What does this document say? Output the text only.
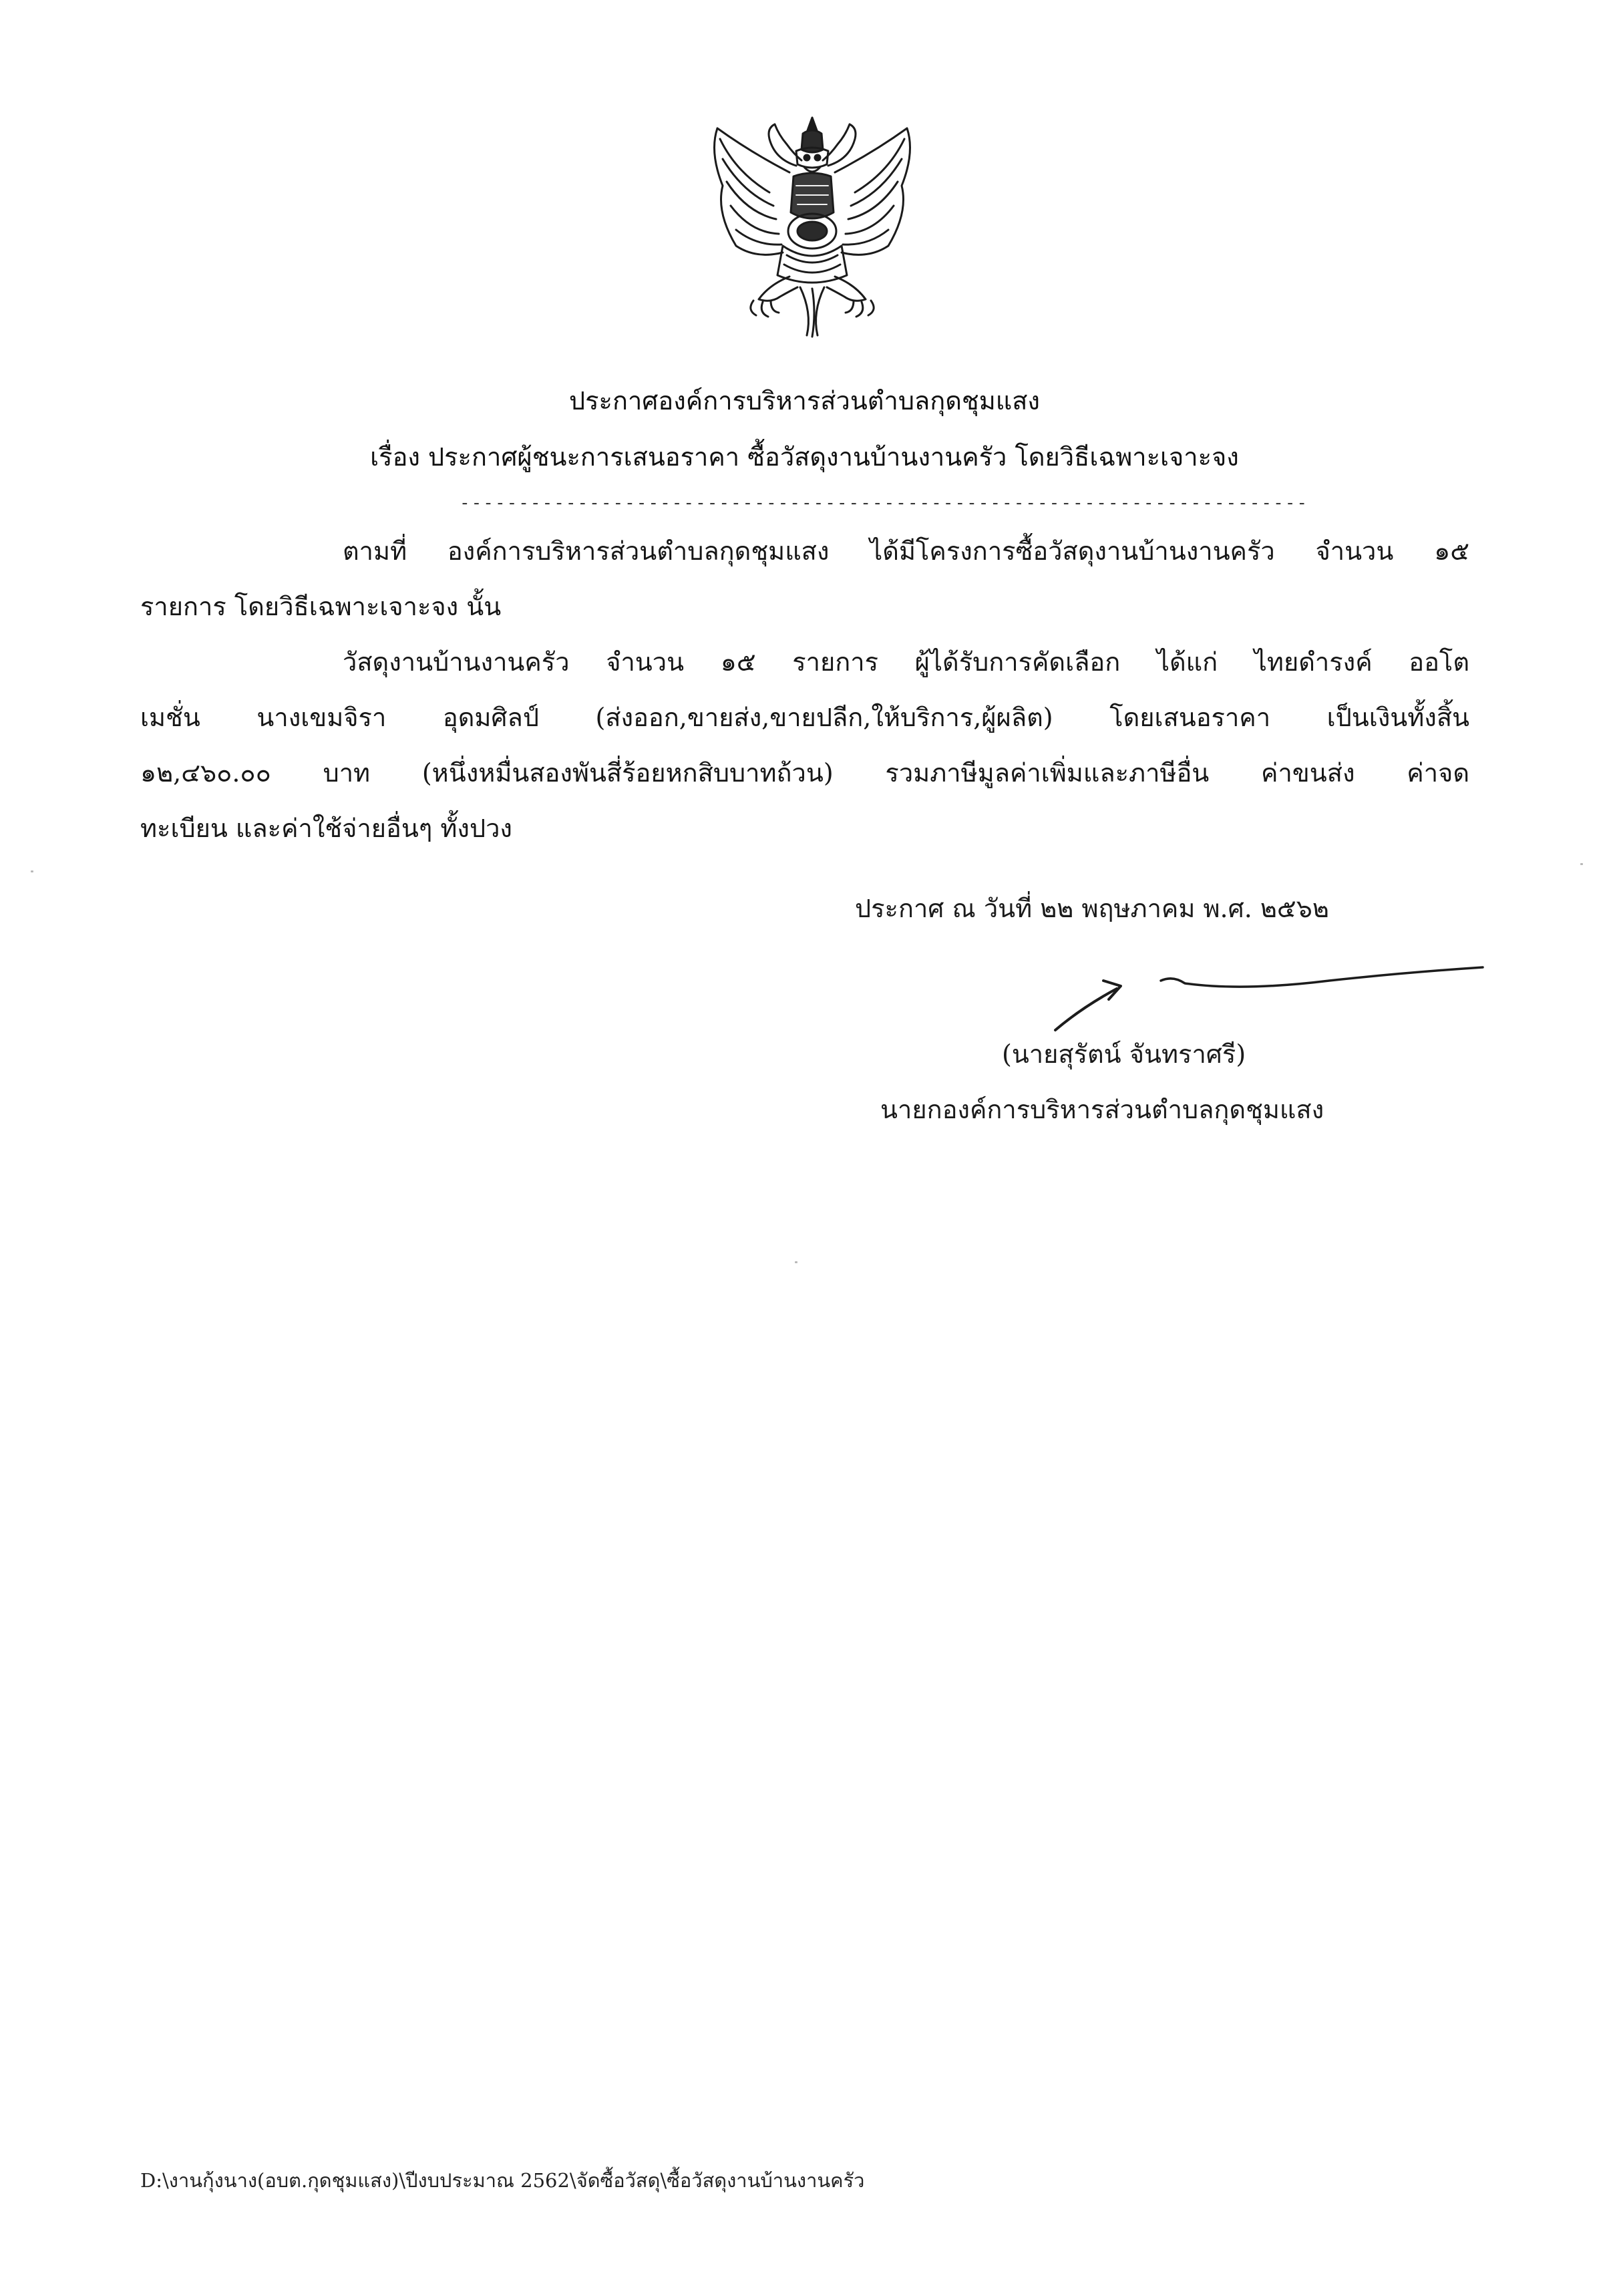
ประกาศองค์การบริหารส่วนตำบลกุดชุมแสง
เรื่อง ประกาศผู้ชนะการเสนอราคา ซื้อวัสดุงานบ้านงานครัว โดยวิธีเฉพาะเจาะจง
------------------------------------------------------------------------
ตามที่ องค์การบริหารส่วนตำบลกุดชุมแสง ได้มีโครงการซื้อวัสดุงานบ้านงานครัว จำนวน ๑๕
รายการ โดยวิธีเฉพาะเจาะจง นั้น
วัสดุงานบ้านงานครัว จำนวน ๑๕ รายการ ผู้ได้รับการคัดเลือก ได้แก่ ไทยดำรงค์ ออโต
เมชั่น นางเขมจิรา อุดมศิลป์ (ส่งออก,ขายส่ง,ขายปลีก,ให้บริการ,ผู้ผลิต) โดยเสนอราคา เป็นเงินทั้งสิ้น
๑๒,๔๖๐.๐๐ บาท (หนึ่งหมื่นสองพันสี่ร้อยหกสิบบาทถ้วน) รวมภาษีมูลค่าเพิ่มและภาษีอื่น ค่าขนส่ง ค่าจด
ทะเบียน และค่าใช้จ่ายอื่นๆ ทั้งปวง
ประกาศ ณ วันที่ ๒๒ พฤษภาคม พ.ศ. ๒๕๖๒
(นายสุรัตน์ จันทราศรี)
นายกองค์การบริหารส่วนตำบลกุดชุมแสง
D:\งานกุ้งนาง(อบต.กุดชุมแสง)\ปีงบประมาณ 2562\จัดซื้อวัสดุ\ซื้อวัสดุงานบ้านงานครัว
